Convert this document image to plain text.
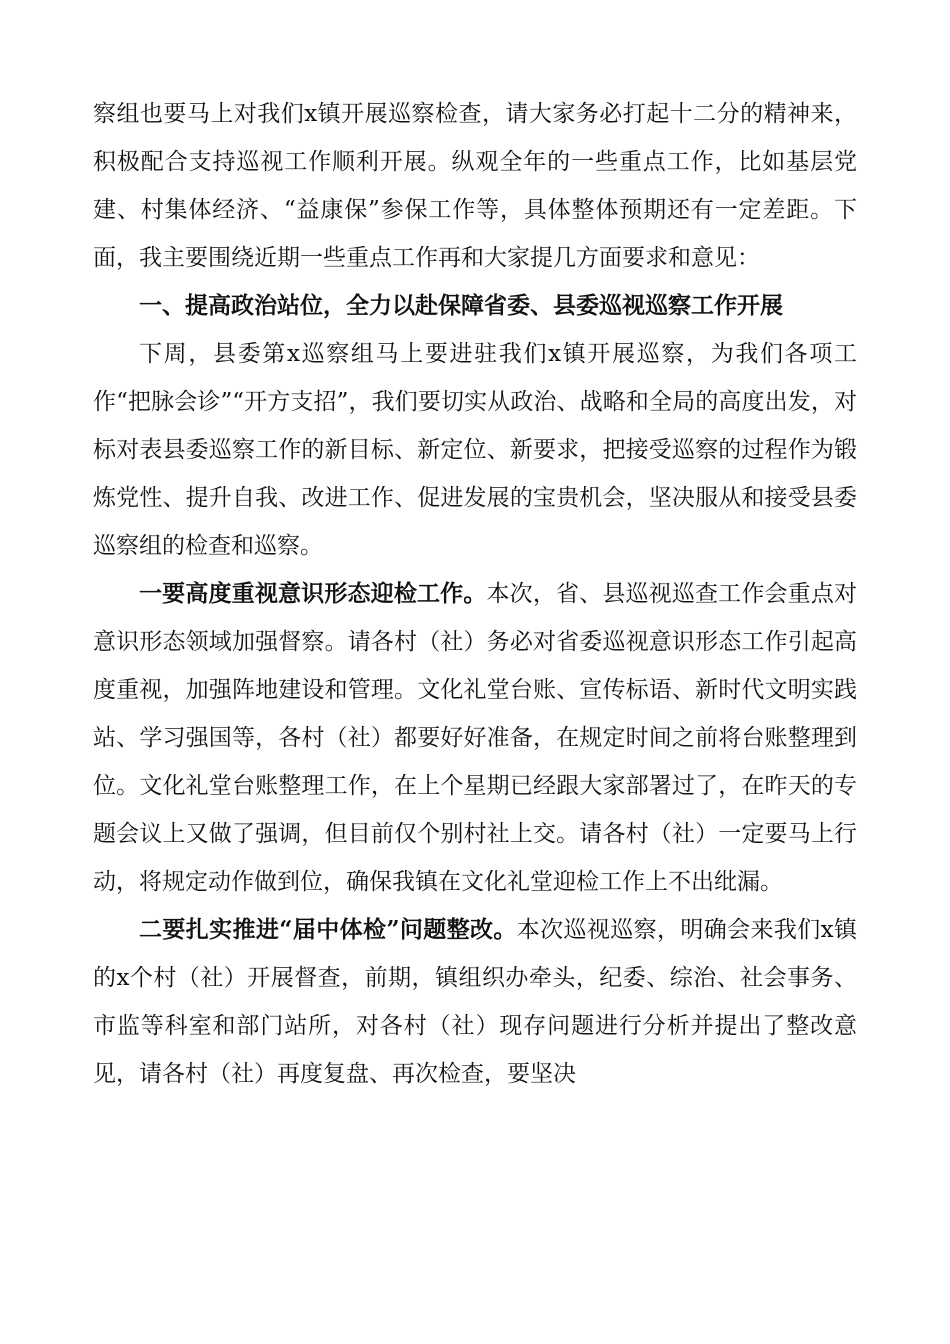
察组也要马上对我们x镇开展巡察检查，请大家务必打起十二分的精神来，积极配合支持巡视工作顺利开展。纵观全年的一些重点工作，比如基层党建、村集体经济、“益康保”参保工作等，具体整体预期还有一定差距。下面，我主要围绕近期一些重点工作再和大家提几方面要求和意见：

一、提高政治站位，全力以赴保障省委、县委巡视巡察工作开展

下周，县委第x巡察组马上要进驻我们x镇开展巡察，为我们各项工作“把脉会诊”“开方支招”，我们要切实从政治、战略和全局的高度出发，对标对表县委巡察工作的新目标、新定位、新要求，把接受巡察的过程作为锻炼党性、提升自我、改进工作、促进发展的宝贵机会，坚决服从和接受县委巡察组的检查和巡察。

一要高度重视意识形态迎检工作。本次，省、县巡视巡查工作会重点对意识形态领域加强督察。请各村（社）务必对省委巡视意识形态工作引起高度重视，加强阵地建设和管理。文化礼堂台账、宣传标语、新时代文明实践站、学习强国等，各村（社）都要好好准备，在规定时间之前将台账整理到位。文化礼堂台账整理工作，在上个星期已经跟大家部署过了，在昨天的专题会议上又做了强调，但目前仅个别村社上交。请各村（社）一定要马上行动，将规定动作做到位，确保我镇在文化礼堂迎检工作上不出纰漏。

二要扎实推进“届中体检”问题整改。本次巡视巡察，明确会来我们x镇的x个村（社）开展督查，前期，镇组织办牵头，纪委、综治、社会事务、市监等科室和部门站所，对各村（社）现存问题进行分析并提出了整改意见，请各村（社）再度复盘、再次检查，要坚决
